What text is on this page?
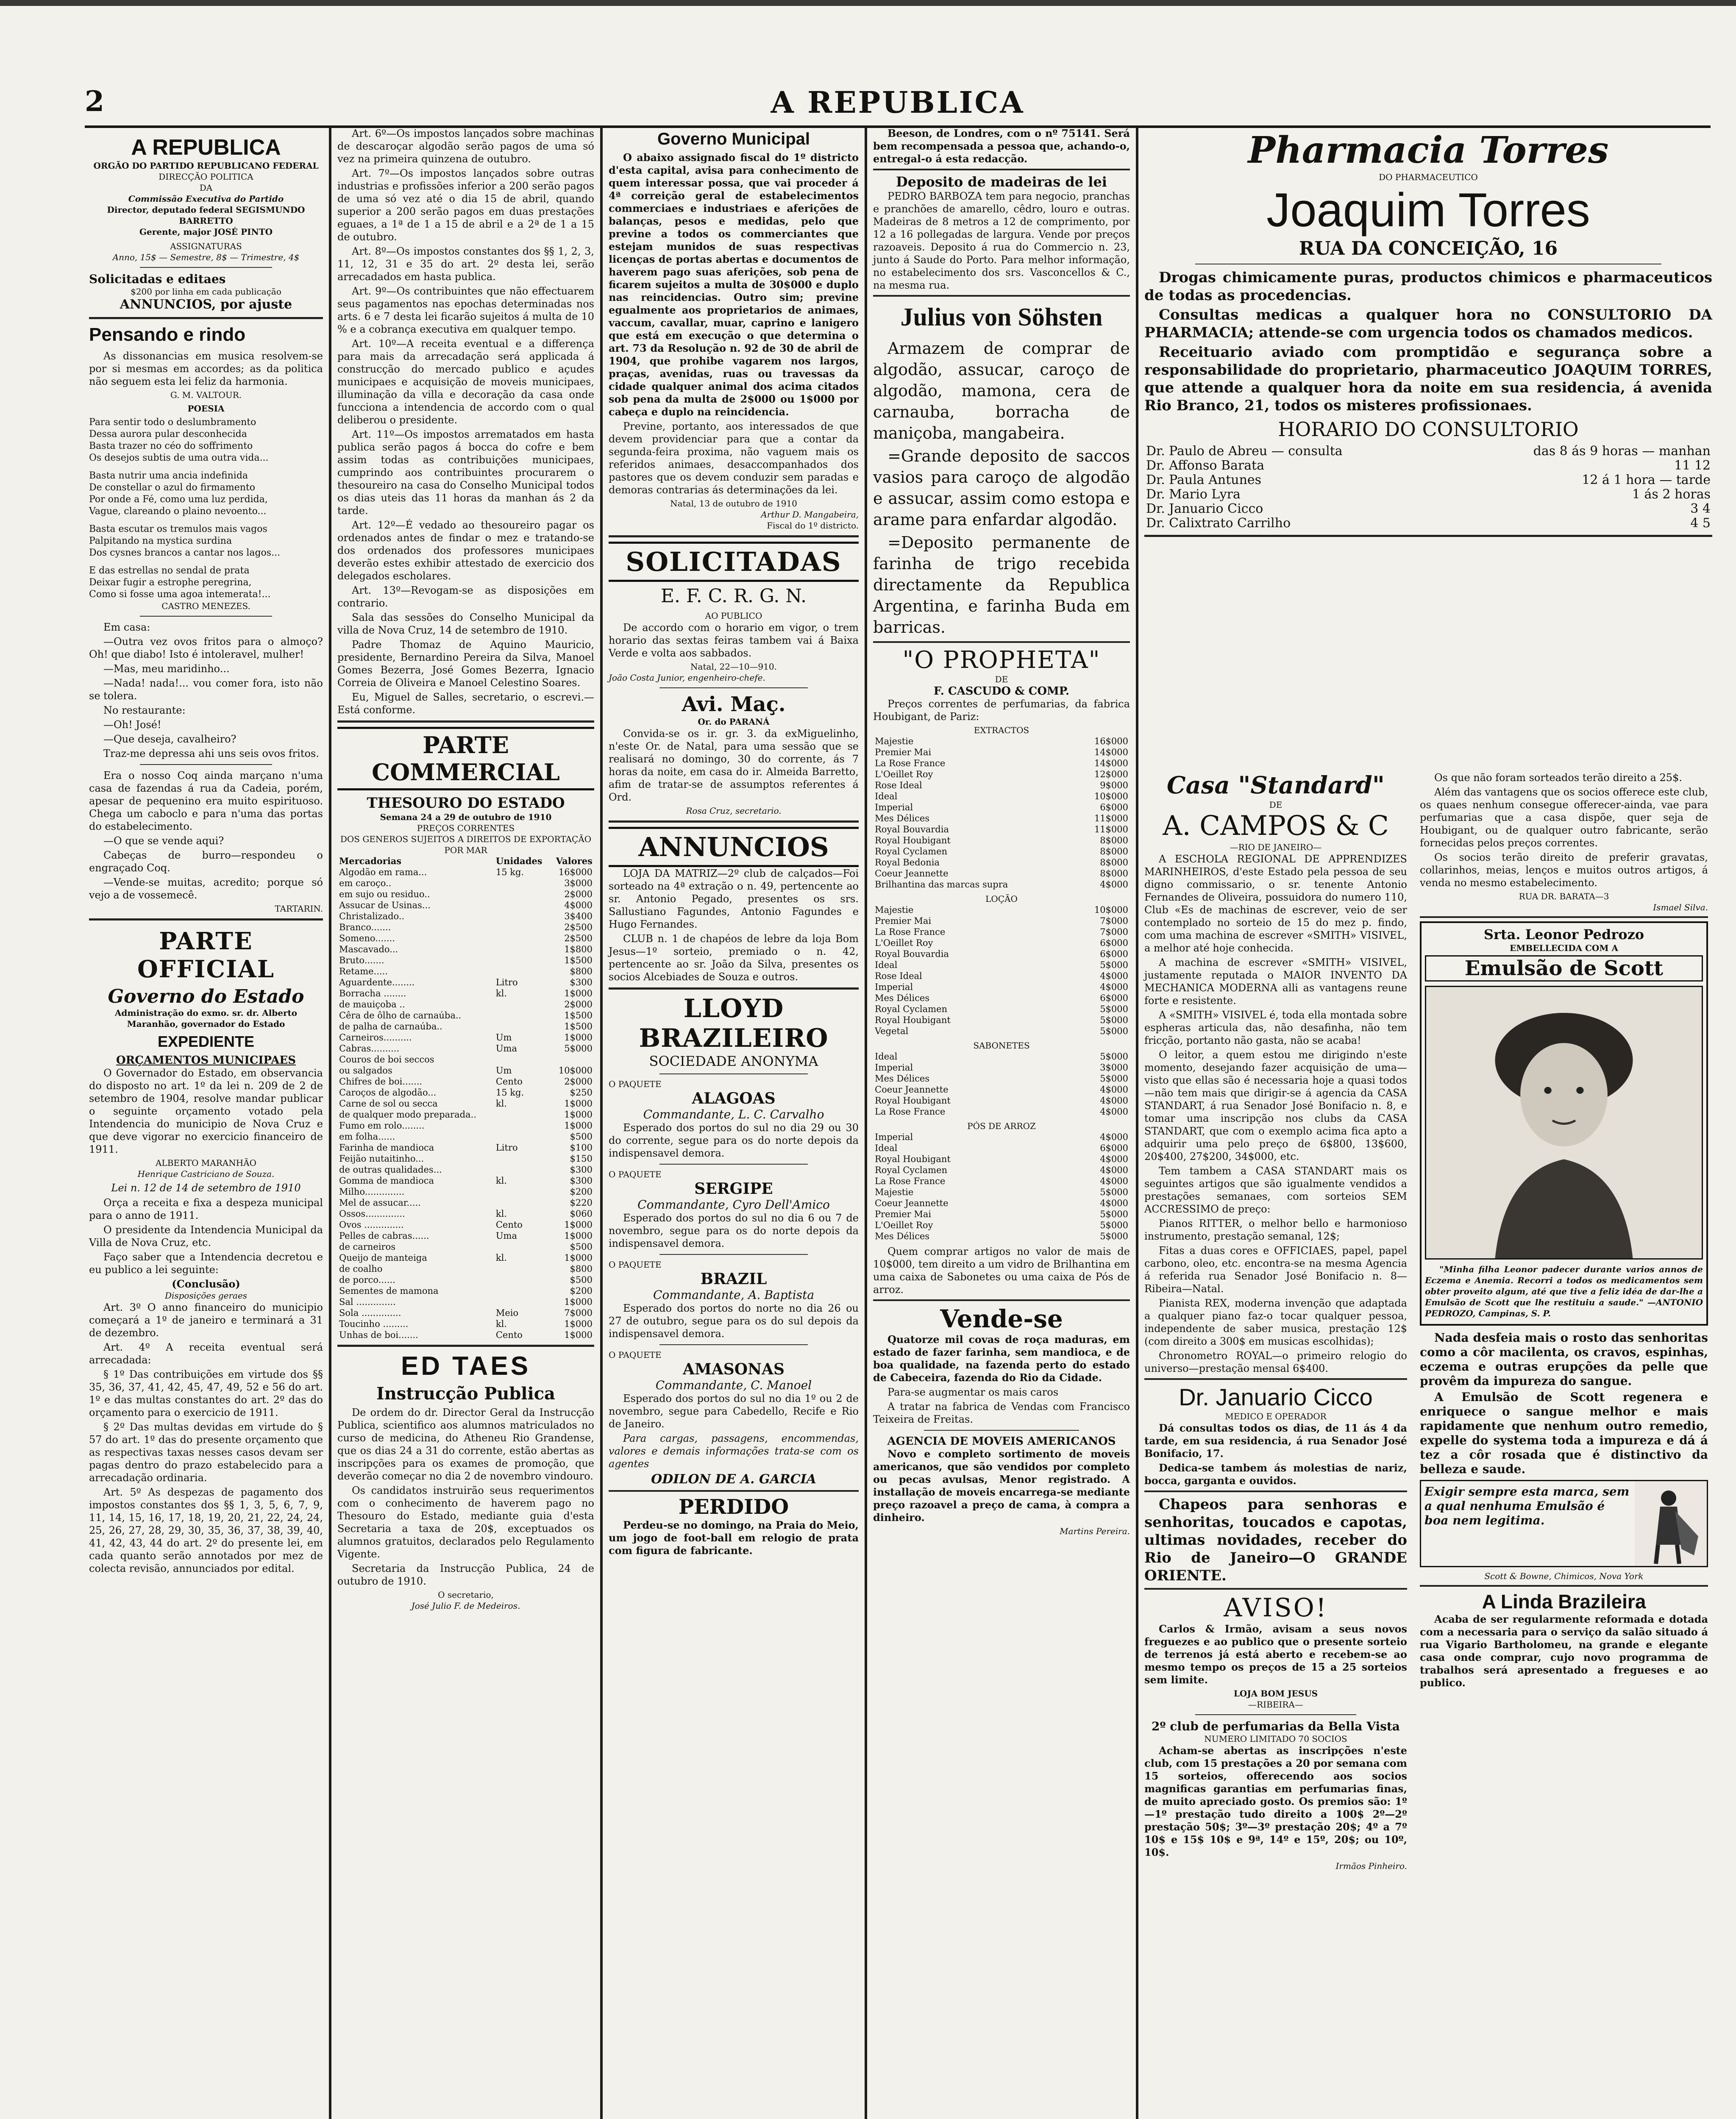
2	A REPUBLICA
A REPUBLICA
ORGÃO DO PARTIDO REPUBLICANO FEDERAL
DIRECÇÃO POLITICA
DA
Commissão Executiva do Partido
Director, deputado federal SEGISMUNDO BARRETTO
Gerente, major JOSÉ PINTO
ASSIGNATURAS
Anno, 15$ — Semestre, 8$ — Trimestre, 4$
Solicitadas e editaes
$200 por linha em cada publicação
ANNUNCIOS, por ajuste
Pensando e rindo

As dissonancias em musica resolvem-se por si mesmas em accordes; as da politica não seguem esta lei feliz da harmonia.

G. M. VALTOUR.
POESIA
Para sentir todo o deslumbramento
Dessa aurora pular desconhecida
Basta trazer no céo do soffrimento
Os desejos subtis de uma outra vida...
Basta nutrir uma ancia indefinida
De constellar o azul do firmamento
Por onde a Fé, como uma luz perdida,
Vague, clareando o plaino nevoento...
Basta escutar os tremulos mais vagos
Palpitando na mystica surdina
Dos cysnes brancos a cantar nos lagos...
E das estrellas no sendal de prata
Deixar fugir a estrophe peregrina,
Como si fosse uma agoa intemerata!...
CASTRO MENEZES.

Em casa:

—Outra vez ovos fritos para o almoço? Oh! que diabo! Isto é intoleravel, mulher!

—Mas, meu maridinho...

—Nada! nada!... vou comer fora, isto não se tolera.

No restaurante:

—Oh! José!

—Que deseja, cavalheiro?

Traz-me depressa ahi uns seis ovos fritos.

Era o nosso Coq ainda marçano n'uma casa de fazendas á rua da Cadeia, porém, apesar de pequenino era muito espirituoso. Chega um caboclo e para n'uma das portas do estabelecimento.

—O que se vende aqui?

Cabeças de burro—respondeu o engraçado Coq.

—Vende-se muitas, acredito; porque só vejo a de vossemecê.

TARTARIN.
PARTE OFFICIAL
Governo do Estado
Administração do exmo. sr. dr. Alberto Maranhão, governador do Estado
EXPEDIENTE
ORÇAMENTOS MUNICIPAES

O Governador do Estado, em observancia do disposto no art. 1º da lei n. 209 de 2 de setembro de 1904, resolve mandar publicar o seguinte orçamento votado pela Intendencia do municipio de Nova Cruz e que deve vigorar no exercicio financeiro de 1911.

ALBERTO MARANHÃO
Henrique Castriciano de Souza.
Lei n. 12 de 14 de setembro de 1910

Orça a receita e fixa a despeza municipal para o anno de 1911.

O presidente da Intendencia Municipal da Villa de Nova Cruz, etc.

Faço saber que a Intendencia decretou e eu publico a lei seguinte:

(Conclusão)
Disposições geraes

Art. 3º O anno financeiro do municipio começará a 1º de janeiro e terminará a 31 de dezembro.

Art. 4º A receita eventual será arrecadada:

§ 1º Das contribuições em virtude dos §§ 35, 36, 37, 41, 42, 45, 47, 49, 52 e 56 do art. 1º e das multas constantes do art. 2º das do orçamento para o exercicio de 1911.

§ 2º Das multas devidas em virtude do § 57 do art. 1º das do presente orçamento que as respectivas taxas nesses casos devam ser pagas dentro do prazo estabelecido para a arrecadação ordinaria.

Art. 5º As despezas de pagamento dos impostos constantes dos §§ 1, 3, 5, 6, 7, 9, 11, 14, 15, 16, 17, 18, 19, 20, 21, 22, 24, 24, 25, 26, 27, 28, 29, 30, 35, 36, 37, 38, 39, 40, 41, 42, 43, 44 do art. 2º do presente lei, em cada quanto serão annotados por mez de colecta revisão, annunciados por edital.

Art. 6º—Os impostos lançados sobre machinas de descaroçar algodão serão pagos de uma só vez na primeira quinzena de outubro.

Art. 7º—Os impostos lançados sobre outras industrias e profissões inferior a 200 serão pagos de uma só vez até o dia 15 de abril, quando superior a 200 serão pagos em duas prestações eguaes, a 1ª de 1 a 15 de abril e a 2ª de 1 a 15 de outubro.

Art. 8º—Os impostos constantes dos §§ 1, 2, 3, 11, 12, 31 e 35 do art. 2º desta lei, serão arrecadados em hasta publica.

Art. 9º—Os contribuintes que não effectuarem seus pagamentos nas epochas determinadas nos arts. 6 e 7 desta lei ficarão sujeitos á multa de 10 % e a cobrança executiva em qualquer tempo.

Art. 10º—A receita eventual e a differença para mais da arrecadação será applicada á construcção do mercado publico e açudes municipaes e acquisição de moveis municipaes, illuminação da villa e decoração da casa onde funcciona a intendencia de accordo com o qual deliberou o presidente.

Art. 11º—Os impostos arrematados em hasta publica serão pagos á bocca do cofre e bem assim todas as contribuições municipaes, cumprindo aos contribuintes procurarem o thesoureiro na casa do Conselho Municipal todos os dias uteis das 11 horas da manhan ás 2 da tarde.

Art. 12º—É vedado ao thesoureiro pagar os ordenados antes de findar o mez e tratando-se dos ordenados dos professores municipaes deverão estes exhibir attestado de exercicio dos delegados escholares.

Art. 13º—Revogam-se as disposições em contrario.

Sala das sessões do Conselho Municipal da villa de Nova Cruz, 14 de setembro de 1910.

Padre Thomaz de Aquino Mauricio, presidente, Bernardino Pereira da Silva, Manoel Gomes Bezerra, José Gomes Bezerra, Ignacio Correia de Oliveira e Manoel Celestino Soares.

Eu, Miguel de Salles, secretario, o escrevi.—Está conforme.

PARTE COMMERCIAL
THESOURO DO ESTADO
Semana 24 a 29 de outubro de 1910
PREÇOS CORRENTES
DOS GENEROS SUJEITOS A DIREITOS DE EXPORTAÇÃO POR MAR
Mercadorias	Unidades	Valores
Algodão em rama...	15 kg.	16$000
em caroço..		3$000
em sujo ou residuo..		2$000
Assucar de Usinas...		4$000
Christalizado..		3$400
Branco.......		2$500
Someno.......		2$500
Mascavado...		1$800
Bruto.......		1$500
Retame.....		$800
Aguardente........	Litro	$300
Borracha ........	kl.	1$000
de mauiçoba ..		2$000
Cêra de ôlho de carnaúba..		1$500
de palha de carnaúba..		1$500
Carneiros..........	Um	1$000
Cabras..........	Uma	5$000
Couros de boi seccos		
ou salgados	Um	10$000
Chifres de boi.......	Cento	2$000
Caroços de algodão...	15 kg.	$250
Carne de sol ou secca	kl.	1$000
de qualquer modo preparada..		1$000
Fumo em rolo........		1$000
em folha......		$500
Farinha de mandioca	Litro	$100
Feijão nutaitinho...		$150
de outras qualidades...		$300
Gomma de mandioca	kl.	$300
Milho..............		$200
Mel de assucar.....		$220
Ossos..............	kl.	$060
Ovos ..............	Cento	1$000
Pelles de cabras......	Uma	1$000
de carneiros		$500
Queijo de manteiga	kl.	1$000
de coalho		$800
de porco......		$500
Sementes de mamona		$200
Sal ..............		1$000
Sola ..............	Meio	7$000
Toucinho .........	kl.	1$000
Unhas de boi.......	Cento	1$000
ED TAES
Instrucção Publica

De ordem do dr. Director Geral da Instrucção Publica, scientifico aos alumnos matriculados no curso de medicina, do Atheneu Rio Grandense, que os dias 24 a 31 do corrente, estão abertas as inscripções para os exames de promoção, que deverão começar no dia 2 de novembro vindouro.

Os candidatos instruirão seus requerimentos com o conhecimento de haverem pago no Thesouro do Estado, mediante guia d'esta Secretaria a taxa de 20$, exceptuados os alumnos gratuitos, declarados pelo Regulamento Vigente.

Secretaria da Instrucção Publica, 24 de outubro de 1910.

O secretario,
José Julio F. de Medeiros.
Governo Municipal

O abaixo assignado fiscal do 1º districto d'esta capital, avisa para conhecimento de quem interessar possa, que vai proceder á 4ª correição geral de estabelecimentos commerciaes e industriaes e aferições de balanças, pesos e medidas, pelo que previne a todos os commerciantes que estejam munidos de suas respectivas licenças de portas abertas e documentos de haverem pago suas aferições, sob pena de ficarem sujeitos a multa de 30$000 e duplo nas reincidencias. Outro sim; previne egualmente aos proprietarios de animaes, vaccum, cavallar, muar, caprino e lanigero que está em execução o que determina o art. 73 da Resolução n. 92 de 30 de abril de 1904, que prohibe vagarem nos largos, praças, avenidas, ruas ou travessas da cidade qualquer animal dos acima citados sob pena da multa de 2$000 ou 1$000 por cabeça e duplo na reincidencia.

Previne, portanto, aos interessados de que devem providenciar para que a contar da segunda-feira proxima, não vaguem mais os referidos animaes, desaccompanhados dos pastores que os devem conduzir sem paradas e demoras contrarias ás determinações da lei.

Natal, 13 de outubro de 1910
Arthur D. Mangabeira,
Fiscal do 1º districto.
SOLICITADAS
E. F. C. R. G. N.
AO PUBLICO

De accordo com o horario em vigor, o trem horario das sextas feiras tambem vai á Baixa Verde e volta aos sabbados.

Natal, 22—10—910.
João Costa Junior, engenheiro-chefe.
Avi. Maç.
Or. do PARANÁ

Convida-se os ir. gr. 3. da exMiguelinho, n'este Or. de Natal, para uma sessão que se realisará no domingo, 30 do corrente, ás 7 horas da noite, em casa do ir. Almeida Barretto, afim de tratar-se de assumptos referentes á Ord.

Rosa Cruz, secretario.
ANNUNCIOS

LOJA DA MATRIZ—2º club de calçados—Foi sorteado na 4ª extração o n. 49, pertencente ao sr. Antonio Pegado, presentes os srs. Sallustiano Fagundes, Antonio Fagundes e Hugo Fernandes.

CLUB n. 1 de chapéos de lebre da loja Bom Jesus—1º sorteio, premiado o n. 42, pertencente ao sr. João da Silva, presentes os socios Alcebiades de Souza e outros.

LLOYD BRAZILEIRO
SOCIEDADE ANONYMA
O PAQUETE
ALAGOAS
Commandante, L. C. Carvalho

Esperado dos portos do sul no dia 29 ou 30 do corrente, segue para os do norte depois da indispensavel demora.

O PAQUETE
SERGIPE
Commandante, Cyro Dell'Amico

Esperado dos portos do sul no dia 6 ou 7 de novembro, segue para os do norte depois da indispensavel demora.

O PAQUETE
BRAZIL
Commandante, A. Baptista

Esperado dos portos do norte no dia 26 ou 27 de outubro, segue para os do sul depois da indispensavel demora.

O PAQUETE
AMASONAS
Commandante, C. Manoel

Esperado dos portos do sul no dia 1º ou 2 de novembro, segue para Cabedello, Recife e Rio de Janeiro.

Para cargas, passagens, encommendas, valores e demais informações trata-se com os agentes

ODILON DE A. GARCIA
PERDIDO

Perdeu-se no domingo, na Praia do Meio, um jogo de foot-ball em relogio de prata com figura de fabricante.

Beeson, de Londres, com o nº 75141. Será bem recompensada a pessoa que, achando-o, entregal-o á esta redacção.

Deposito de madeiras de lei

PEDRO BARBOZA tem para negocio, pranchas e pranchões de amarello, cêdro, louro e outras. Madeiras de 8 metros a 12 de comprimento, por 12 a 16 pollegadas de largura. Vende por preços razoaveis. Deposito á rua do Commercio n. 23, junto á Saude do Porto. Para melhor informação, no estabelecimento dos srs. Vasconcellos & C., na mesma rua.

Julius von Söhsten

Armazem de comprar de algodão, assucar, caroço de algodão, mamona, cera de carnauba, borracha de maniçoba, mangabeira.

=Grande deposito de saccos vasios para caroço de algodão e assucar, assim como estopa e arame para enfardar algodão.

=Deposito permanente de farinha de trigo recebida directamente da Republica Argentina, e farinha Buda em barricas.

"O PROPHETA"
DE
F. CASCUDO & COMP.

Preços correntes de perfumarias, da fabrica Houbigant, de Pariz:

EXTRACTOS
Majestie	16$000
Premier Mai	14$000
La Rose France	14$000
L'Oeillet Roy	12$000
Rose Ideal	9$000
Ideal	10$000
Imperial	6$000
Mes Délices	11$000
Royal Bouvardia	11$000
Royal Houbigant	8$000
Royal Cyclamen	8$000
Royal Bedonia	8$000
Coeur Jeannette	8$000
Brilhantina das marcas supra	4$000
LOÇÃO
Majestie	10$000
Premier Mai	7$000
La Rose France	7$000
L'Oeillet Roy	6$000
Royal Bouvardia	6$000
Ideal	5$000
Rose Ideal	4$000
Imperial	4$000
Mes Délices	6$000
Royal Cyclamen	5$000
Royal Houbigant	5$000
Vegetal	5$000
SABONETES
Ideal	5$000
Imperial	3$000
Mes Délices	5$000
Coeur Jeannette	4$000
Royal Houbigant	4$000
La Rose France	4$000
PÓS DE ARROZ
Imperial	4$000
Ideal	6$000
Royal Houbigant	4$000
Royal Cyclamen	4$000
La Rose France	4$000
Majestie	5$000
Coeur Jeannette	4$000
Premier Mai	5$000
L'Oeillet Roy	5$000
Mes Délices	5$000

Quem comprar artigos no valor de mais de 10$000, tem direito a um vidro de Brilhantina em uma caixa de Sabonetes ou uma caixa de Pós de arroz.

Vende-se

Quatorze mil covas de roça maduras, em estado de fazer farinha, sem mandioca, e de boa qualidade, na fazenda perto do estado de Cabeceira, fazenda do Rio da Cidade.

Para-se augmentar os mais caros

A tratar na fabrica de Vendas com Francisco Teixeira de Freitas.

AGENCIA DE MOVEIS AMERICANOS

Novo e completo sortimento de moveis americanos, que são vendidos por completo ou pecas avulsas, Menor registrado. A installação de moveis encarrega-se mediante preço razoavel a preço de cama, à compra a dinheiro.

Martins Pereira.
Pharmacia Torres
DO PHARMACEUTICO
Joaquim Torres
RUA DA CONCEIÇÃO, 16

Drogas chimicamente puras, productos chimicos e pharmaceuticos de todas as procedencias.

Consultas medicas a qualquer hora no CONSULTORIO DA PHARMACIA; attende-se com urgencia todos os chamados medicos.

Receituario aviado com promptidão e segurança sobre a responsabilidade do proprietario, pharmaceutico JOAQUIM TORRES, que attende a qualquer hora da noite em sua residencia, á avenida Rio Branco, 21, todos os misteres profissionaes.

HORARIO DO CONSULTORIO
Dr. Paulo de Abreu — consulta	das 8 ás 9 horas — manhan
Dr. Affonso Barata	11 12
Dr. Paula Antunes	12 á 1 hora — tarde
Dr. Mario Lyra	1 ás 2 horas
Dr. Januario Cicco	3 4
Dr. Calixtrato Carrilho	4 5
Casa "Standard"
DE
A. CAMPOS & C
—RIO DE JANEIRO—

A ESCHOLA REGIONAL DE APPRENDIZES MARINHEIROS, d'este Estado pela pessoa de seu digno commissario, o sr. tenente Antonio Fernandes de Oliveira, possuidora do numero 110, Club «Es de machinas de escrever, veio de ser contemplado no sorteio de 15 do mez p. findo, com uma machina de escrever «SMITH» VISIVEL, a melhor até hoje conhecida.

A machina de escrever «SMITH» VISIVEL, justamente reputada o MAIOR INVENTO DA MECHANICA MODERNA alli as vantagens reune forte e resistente.

A «SMITH» VISIVEL é, toda ella montada sobre espheras articula das, não desafinha, não tem fricção, portanto não gasta, não se acaba!

O leitor, a quem estou me dirigindo n'este momento, desejando fazer acquisição de uma—visto que ellas são é necessaria hoje a quasi todos—não tem mais que dirigir-se á agencia da CASA STANDART, á rua Senador José Bonifacio n. 8, e tomar uma inscripção nos clubs da CASA STANDART, que com o exemplo acima fica apto a adquirir uma pelo preço de 6$800, 13$600, 20$400, 27$200, 34$000, etc.

Tem tambem a CASA STANDART mais os seguintes artigos que são igualmente vendidos a prestações semanaes, com sorteios SEM ACCRESSIMO de preço:

Pianos RITTER, o melhor bello e harmonioso instrumento, prestação semanal, 12$;

Fitas a duas cores e OFFICIAES, papel, papel carbono, oleo, etc. encontra-se na mesma Agencia á referida rua Senador José Bonifacio n. 8—Ribeira—Natal.

Pianista REX, moderna invenção que adaptada a qualquer piano faz-o tocar qualquer pessoa, independente de saber musica, prestação 12$ (com direito a 300$ em musicas escolhidas);

Chronometro ROYAL—o primeiro relogio do universo—prestação mensal 6$400.

Dr. Januario Cicco
MEDICO E OPERADOR

Dá consultas todos os dias, de 11 ás 4 da tarde, em sua residencia, á rua Senador José Bonifacio, 17.

Dedica-se tambem ás molestias de nariz, bocca, garganta e ouvidos.

Chapeos para senhoras e senhoritas, toucados e capotas, ultimas novidades, receber do Rio de Janeiro—O GRANDE ORIENTE.

AVISO!

Carlos & Irmão, avisam a seus novos freguezes e ao publico que o presente sorteio de terrenos já está aberto e recebem-se ao mesmo tempo os preços de 15 a 25 sorteios sem limite.

LOJA BOM JESUS
—RIBEIRA—
2º club de perfumarias da Bella Vista
NUMERO LIMITADO 70 SOCIOS

Acham-se abertas as inscripções n'este club, com 15 prestações a 20 por semana com 15 sorteios, offerecendo aos socios magnificas garantias em perfumarias finas, de muito apreciado gosto. Os premios são: 1º—1º prestação tudo direito a 100$ 2º—2º prestação 50$; 3º—3º prestação 20$; 4º a 7º 10$ e 15$ 10$ e 9ª, 14º e 15º, 20$; ou 10º, 10$.

Irmãos Pinheiro.

Os que não foram sorteados terão direito a 25$.

Além das vantagens que os socios offerece este club, os quaes nenhum consegue offerecer-ainda, vae para perfumarias que a casa dispõe, quer seja de Houbigant, ou de qualquer outro fabricante, serão fornecidas pelos preços correntes.

Os socios terão direito de preferir gravatas, collarinhos, meias, lenços e muitos outros artigos, á venda no mesmo estabelecimento.

RUA DR. BARATA—3
Ismael Silva.
Srta. Leonor Pedrozo
EMBELLECIDA COM A
Emulsão de Scott

"Minha filha Leonor padecer durante varios annos de Eczema e Anemia. Recorri a todos os medicamentos sem obter proveito algum, até que tive a feliz idéa de dar-lhe a Emulsão de Scott que lhe restituiu a saude." —ANTONIO PEDROZO, Campinas, S. P.

Nada desfeia mais o rosto das senhoritas como a côr macilenta, os cravos, espinhas, eczema e outras erupções da pelle que provêm da impureza do sangue.

A Emulsão de Scott regenera e enriquece o sangue melhor e mais rapidamente que nenhum outro remedio, expelle do systema toda a impureza e dá á tez a côr rosada que é distinctivo da belleza e saude.

Exigir sempre esta marca, sem a qual nenhuma Emulsão é boa nem legitima.
Scott & Bowne, Chimicos, Nova York
A Linda Brazileira

Acaba de ser regularmente reformada e dotada com a necessaria para o serviço da salão situado á rua Vigario Bartholomeu, na grande e elegante casa onde comprar, cujo novo programma de trabalhos será apresentado a fregueses e ao publico.
